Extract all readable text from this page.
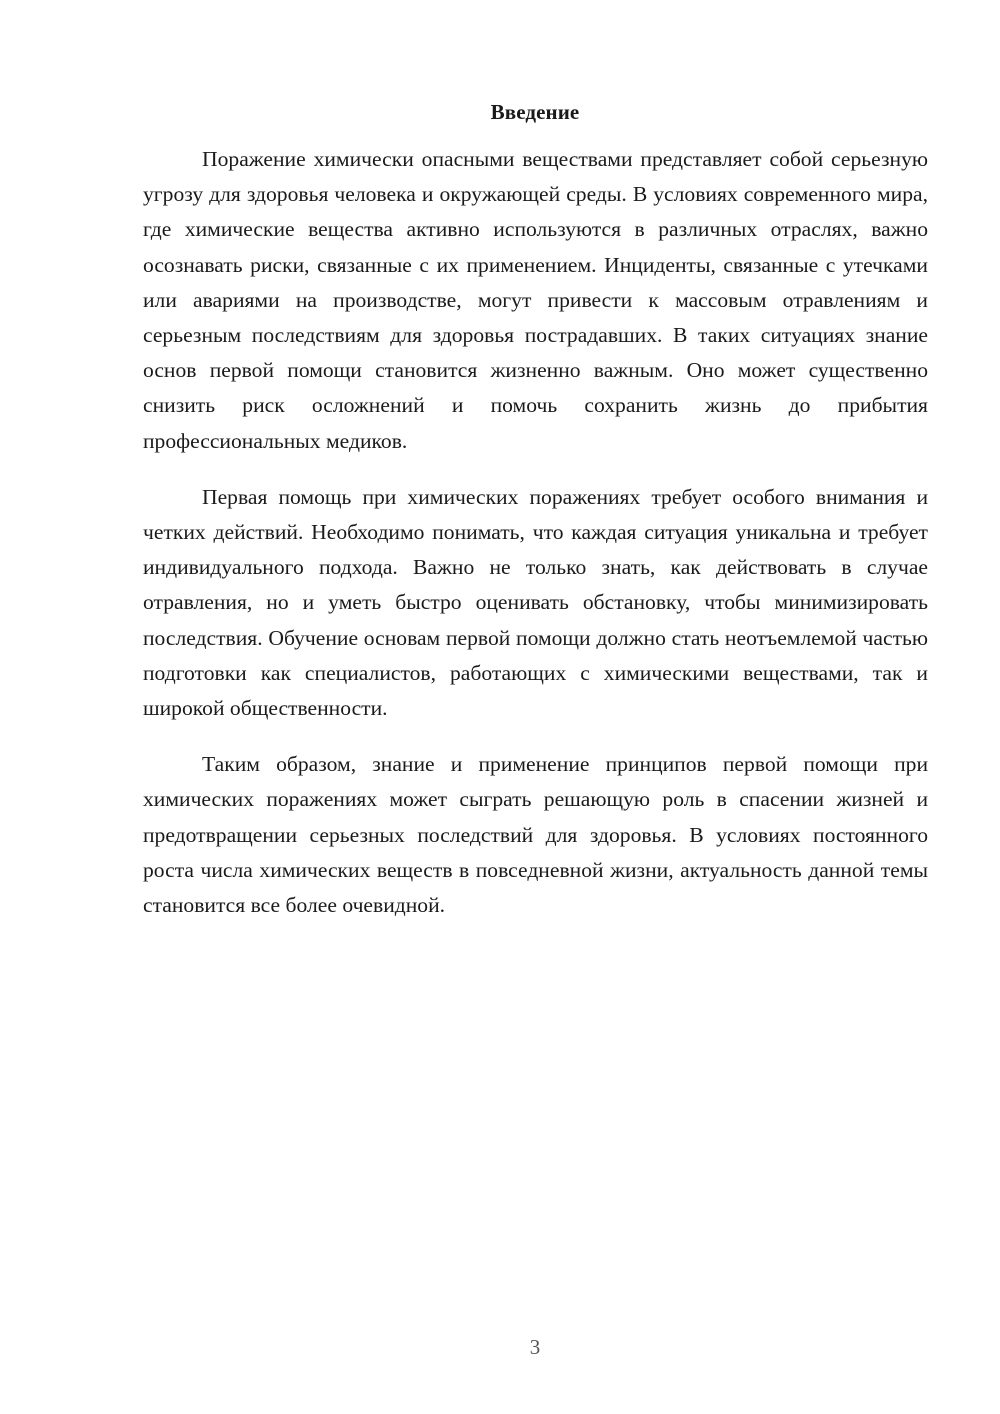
Введение

Поражение химически опасными веществами представляет собой серьезную угрозу для здоровья человека и окружающей среды. В условиях современного мира, где химические вещества активно используются в различных отраслях, важно осознавать риски, связанные с их применением. Инциденты, связанные с утечками или авариями на производстве, могут привести к массовым отравлениям и серьезным последствиям для здоровья пострадавших. В таких ситуациях знание основ первой помощи становится жизненно важным. Оно может существенно снизить риск осложнений и помочь сохранить жизнь до прибытия профессиональных медиков.

Первая помощь при химических поражениях требует особого внимания и четких действий. Необходимо понимать, что каждая ситуация уникальна и требует индивидуального подхода. Важно не только знать, как действовать в случае отравления, но и уметь быстро оценивать обстановку, чтобы минимизировать последствия. Обучение основам первой помощи должно стать неотъемлемой частью подготовки как специалистов, работающих с химическими веществами, так и широкой общественности.

Таким образом, знание и применение принципов первой помощи при химических поражениях может сыграть решающую роль в спасении жизней и предотвращении серьезных последствий для здоровья. В условиях постоянного роста числа химических веществ в повседневной жизни, актуальность данной темы становится все более очевидной.

3
